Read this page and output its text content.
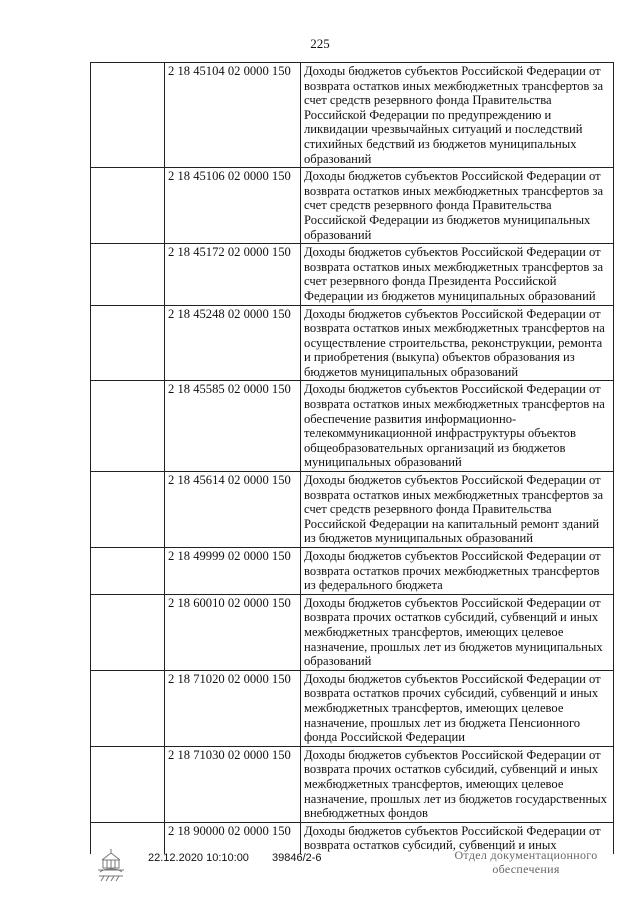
225
	2 18 45104 02 0000 150	Доходы бюджетов субъектов Российской Федерации от возврата остатков иных межбюджетных трансфертов за счет средств резервного фонда Правительства Российской Федерации по предупреждению и ликвидации чрезвычайных ситуаций и последствий стихийных бедствий из бюджетов муниципальных образований
	2 18 45106 02 0000 150	Доходы бюджетов субъектов Российской Федерации от возврата остатков иных межбюджетных трансфертов за счет средств резервного фонда Правительства Российской Федерации из бюджетов муниципальных образований
	2 18 45172 02 0000 150	Доходы бюджетов субъектов Российской Федерации от возврата остатков иных межбюджетных трансфертов за счет резервного фонда Президента Российской Федерации из бюджетов муниципальных образований
	2 18 45248 02 0000 150	Доходы бюджетов субъектов Российской Федерации от возврата остатков иных межбюджетных трансфертов на осуществление строительства, реконструкции, ремонта и приобретения (выкупа) объектов образования из бюджетов муниципальных образований
	2 18 45585 02 0000 150	Доходы бюджетов субъектов Российской Федерации от возврата остатков иных межбюджетных трансфертов на обеспечение развития информационно-телекоммуникационной инфраструктуры объектов общеобразовательных организаций из бюджетов муниципальных образований
	2 18 45614 02 0000 150	Доходы бюджетов субъектов Российской Федерации от возврата остатков иных межбюджетных трансфертов за счет средств резервного фонда Правительства Российской Федерации на капитальный ремонт зданий из бюджетов муниципальных образований
	2 18 49999 02 0000 150	Доходы бюджетов субъектов Российской Федерации от возврата остатков прочих межбюджетных трансфертов из федерального бюджета
	2 18 60010 02 0000 150	Доходы бюджетов субъектов Российской Федерации от возврата прочих остатков субсидий, субвенций и иных межбюджетных трансфертов, имеющих целевое назначение, прошлых лет из бюджетов муниципальных образований
	2 18 71020 02 0000 150	Доходы бюджетов субъектов Российской Федерации от возврата остатков прочих субсидий, субвенций и иных межбюджетных трансфертов, имеющих целевое назначение, прошлых лет из бюджета Пенсионного фонда Российской Федерации
	2 18 71030 02 0000 150	Доходы бюджетов субъектов Российской Федерации от возврата прочих остатков субсидий, субвенций и иных межбюджетных трансфертов, имеющих целевое назначение, прошлых лет из бюджетов государственных внебюджетных фондов
	2 18 90000 02 0000 150	Доходы бюджетов субъектов Российской Федерации от возврата остатков субсидий, субвенций и иных
22.12.2020 10:10:00 39846/2-6	Отдел документационного
обеспечения
